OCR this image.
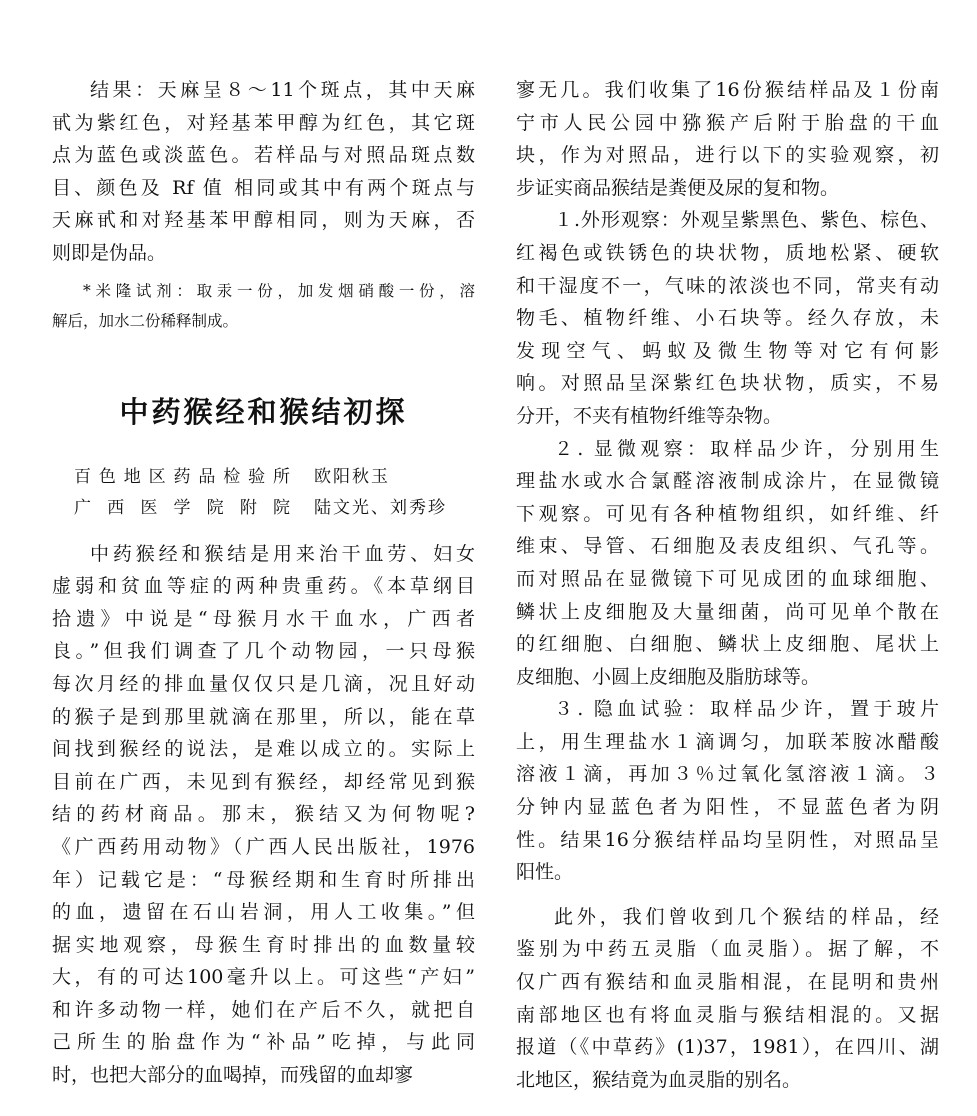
结果：天麻呈８～11个斑点，其中天麻

甙为紫红色，对羟基苯甲醇为红色，其它斑

点为蓝色或淡蓝色。若样品与对照品斑点数

目、颜色及 Rf 值 相同或其中有两个斑点与

天麻甙和对羟基苯甲醇相同，则为天麻，否

则即是伪品。

*米隆试剂：取汞一份，加发烟硝酸一份，溶

解后，加水二份稀释制成。

中药猴经和猴结初探
百色地区药品检验所 欧阳秋玉
广西医学院附院 陆文光、刘秀珍

中药猴经和猴结是用来治干血劳、妇女

虚弱和贫血等症的两种贵重药。《本草纲目

拾遗》中说是“母猴月水干血水，广西者

良。”但我们调查了几个动物园，一只母猴

每次月经的排血量仅仅只是几滴，况且好动

的猴子是到那里就滴在那里，所以，能在草

间找到猴经的说法，是难以成立的。实际上

目前在广西，未见到有猴经，却经常见到猴

结的药材商品。那末，猴结又为何物呢?

《广西药用动物》（广西人民出版社，1976

年）记载它是：“母猴经期和生育时所排出

的血，遗留在石山岩洞，用人工收集。”但

据实地观察，母猴生育时排出的血数量较

大，有的可达100毫升以上。可这些“产妇”

和许多动物一样，她们在产后不久，就把自

己所生的胎盘作为“补品”吃掉，与此同

时，也把大部分的血喝掉，而残留的血却寥

寥无几。我们收集了16份猴结样品及１份南

宁市人民公园中猕猴产后附于胎盘的干血

块，作为对照品，进行以下的实验观察，初

步证实商品猴结是粪便及尿的复和物。

１.外形观察：外观呈紫黑色、紫色、棕色、

红褐色或铁锈色的块状物，质地松紧、硬软

和干湿度不一，气味的浓淡也不同，常夹有动

物毛、植物纤维、小石块等。经久存放，未

发现空气、蚂蚁及微生物等对它有何影

响。对照品呈深紫红色块状物，质实，不易

分开，不夹有植物纤维等杂物。

２. 显微观察：取样品少许，分别用生

理盐水或水合氯醛溶液制成涂片，在显微镜

下观察。可见有各种植物组织，如纤维、纤

维束、导管、石细胞及表皮组织、气孔等。

而对照品在显微镜下可见成团的血球细胞、

鳞状上皮细胞及大量细菌，尚可见单个散在

的红细胞、白细胞、鳞状上皮细胞、尾状上

皮细胞、小圆上皮细胞及脂肪球等。

３. 隐血试验：取样品少许，置于玻片

上，用生理盐水１滴调匀，加联苯胺冰醋酸

溶液１滴，再加３％过氧化氢溶液１滴。３

分钟内显蓝色者为阳性，不显蓝色者为阴

性。结果16分猴结样品均呈阴性，对照品呈

阳性。

此外，我们曾收到几个猴结的样品，经

鉴别为中药五灵脂（血灵脂）。据了解，不

仅广西有猴结和血灵脂相混，在昆明和贵州

南部地区也有将血灵脂与猴结相混的。又据

报道（《中草药》(1)37，1981），在四川、湖

北地区，猴结竟为血灵脂的别名。
